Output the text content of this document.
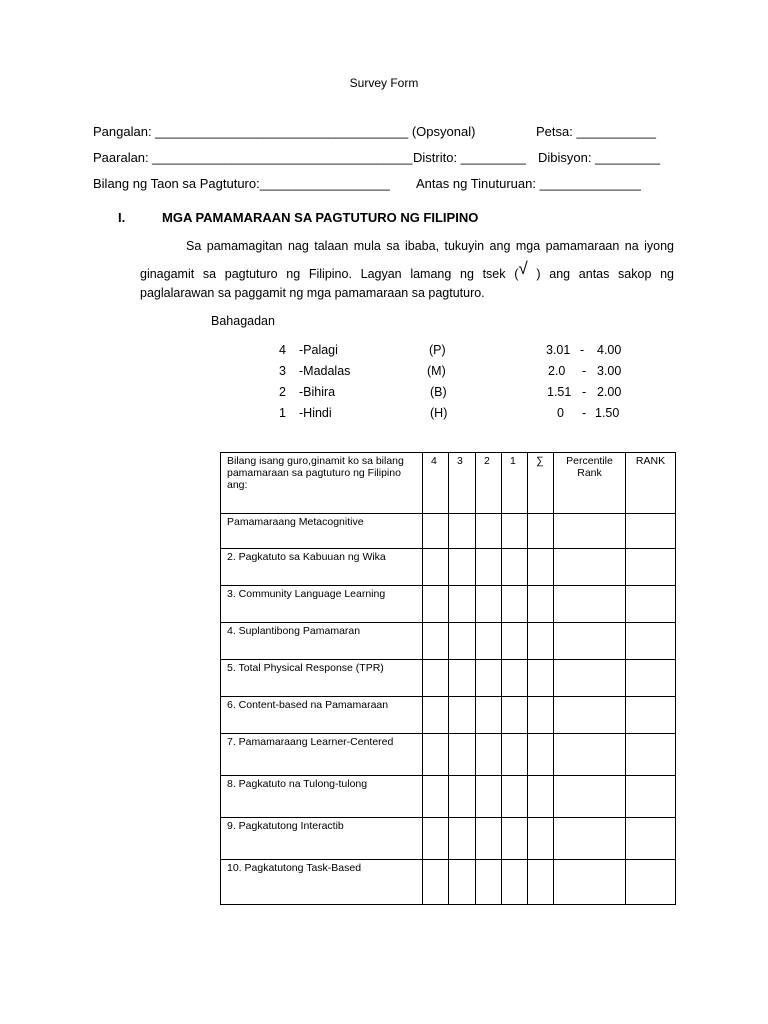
Survey Form
Pangalan: ___________________________________ (Opsyonal)	Petsa: ___________
Paaralan: ____________________________________ Distrito: _________ Dibisyon: _________
Bilang ng Taon sa Pagtuturo:__________________ Antas ng Tinuturuan: ______________
I.	MGA PAMAMARAAN SA PAGTUTURO NG FILIPINO
Sa pamamagitan nag talaan mula sa ibaba, tukuyin ang mga pamamaraan na iyong
ginagamit sa pagtuturo ng Filipino. Lagyan lamang ng tsek (√ ) ang antas sakop ng
paglalarawan sa paggamit ng mga pamamaraan sa pagtuturo.
Bahagadan
4 -Palagi	(P)	3.01 - 4.00
3 -Madalas	(M)	2.0 - 3.00
2 -Bihira	(B)	1.51 - 2.00
1 -Hindi	(H)	0 - 1.50
Bilang isang guro,ginamit ko sa bilang pamamaraan sa pagtuturo ng Filipino ang:	4	3	2	1	∑	Percentile Rank	RANK
Pamamaraang Metacognitive							
2. Pagkatuto sa Kabuuan ng Wika							
3. Community Language Learning							
4. Suplantibong Pamamaran							
5. Total Physical Response (TPR)							
6. Content-based na Pamamaraan							
7. Pamamaraang Learner-Centered							
8. Pagkatuto na Tulong-tulong							
9. Pagkatutong Interactib							
10. Pagkatutong Task-Based							
